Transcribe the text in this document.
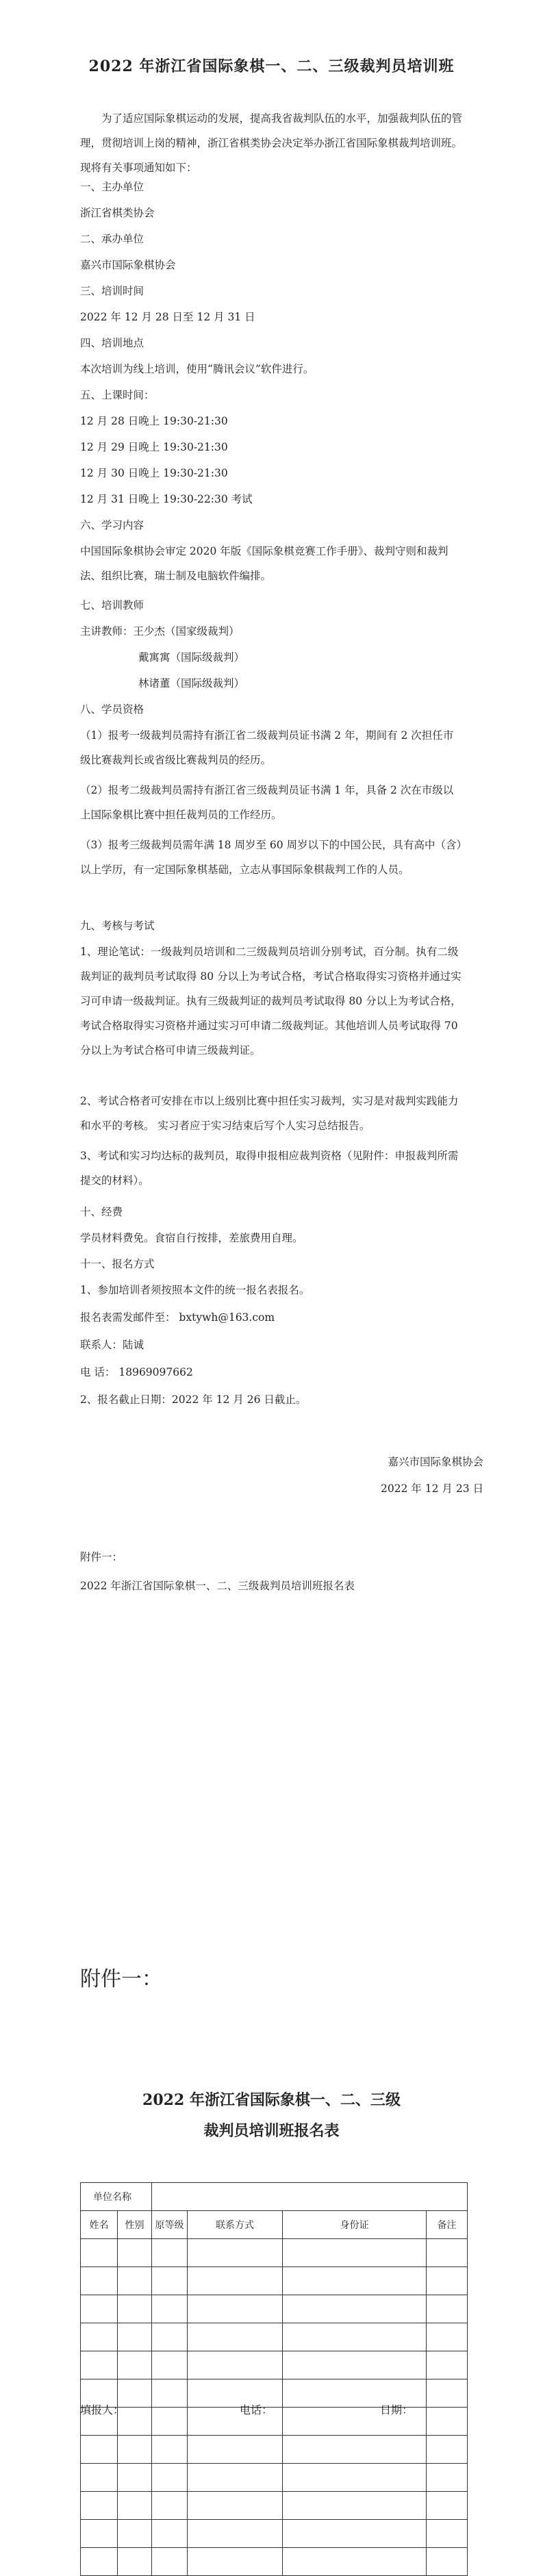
2022 年浙江省国际象棋一、二、三级裁判员培训班
为了适应国际象棋运动的发展，提高我省裁判队伍的水平，加强裁判队伍的管理，贯彻培训上岗的精神，浙江省棋类协会决定举办浙江省国际象棋裁判培训班。现将有关事项通知如下：
一、主办单位
浙江省棋类协会
二、承办单位
嘉兴市国际象棋协会
三、培训时间
2022 年 12 月 28 日至 12 月 31 日
四、培训地点
本次培训为线上培训，使用“腾讯会议”软件进行。
五、上课时间：
12 月 28 日晚上 19:30-21:30
12 月 29 日晚上 19:30-21:30
12 月 30 日晚上 19:30-21:30
12 月 31 日晚上 19:30-22:30 考试
六、学习内容
中国国际象棋协会审定 2020 年版《国际象棋竞赛工作手册》、裁判守则和裁判法、组织比赛，瑞士制及电脑软件编排。
七、培训教师
主讲教师：王少杰（国家级裁判）
戴寓寓（国际级裁判）
林诸董（国际级裁判）
八、学员资格
（1）报考一级裁判员需持有浙江省二级裁判员证书满 2 年，期间有 2 次担任市级比赛裁判长或省级比赛裁判员的经历。
（2）报考二级裁判员需持有浙江省三级裁判员证书满 1 年，具备 2 次在市级以上国际象棋比赛中担任裁判员的工作经历。
（3）报考三级裁判员需年满 18 周岁至 60 周岁以下的中国公民，具有高中（含）以上学历，有一定国际象棋基础，立志从事国际象棋裁判工作的人员。
九、考核与考试
1、理论笔试：一级裁判员培训和二三级裁判员培训分别考试，百分制。执有二级裁判证的裁判员考试取得 80 分以上为考试合格，考试合格取得实习资格并通过实习可申请一级裁判证。执有三级裁判证的裁判员考试取得 80 分以上为考试合格，考试合格取得实习资格并通过实习可申请二级裁判证。其他培训人员考试取得 70 分以上为考试合格可申请三级裁判证。
2、考试合格者可安排在市以上级别比赛中担任实习裁判，实习是对裁判实践能力和水平的考核。 实习者应于实习结束后写个人实习总结报告。
3、考试和实习均达标的裁判员，取得申报相应裁判资格（见附件：申报裁判所需提交的材料）。
十、经费
学员材料费免。食宿自行按排，差旅费用自理。
十一、报名方式
1、参加培训者须按照本文件的统一报名表报名。
报名表需发邮件至： bxtywh@163.com
联系人：陆诚
电 话： 18969097662
2、报名截止日期：2022 年 12 月 26 日截止。
嘉兴市国际象棋协会
2022 年 12 月 23 日
附件一：
2022 年浙江省国际象棋一、二、三级裁判员培训班报名表
附件一：
2022 年浙江省国际象棋一、二、三级
裁判员培训班报名表
单位名称					
姓名	性别	原等级	联系方式	身份证	备注

填报人：	电话：	日期：
